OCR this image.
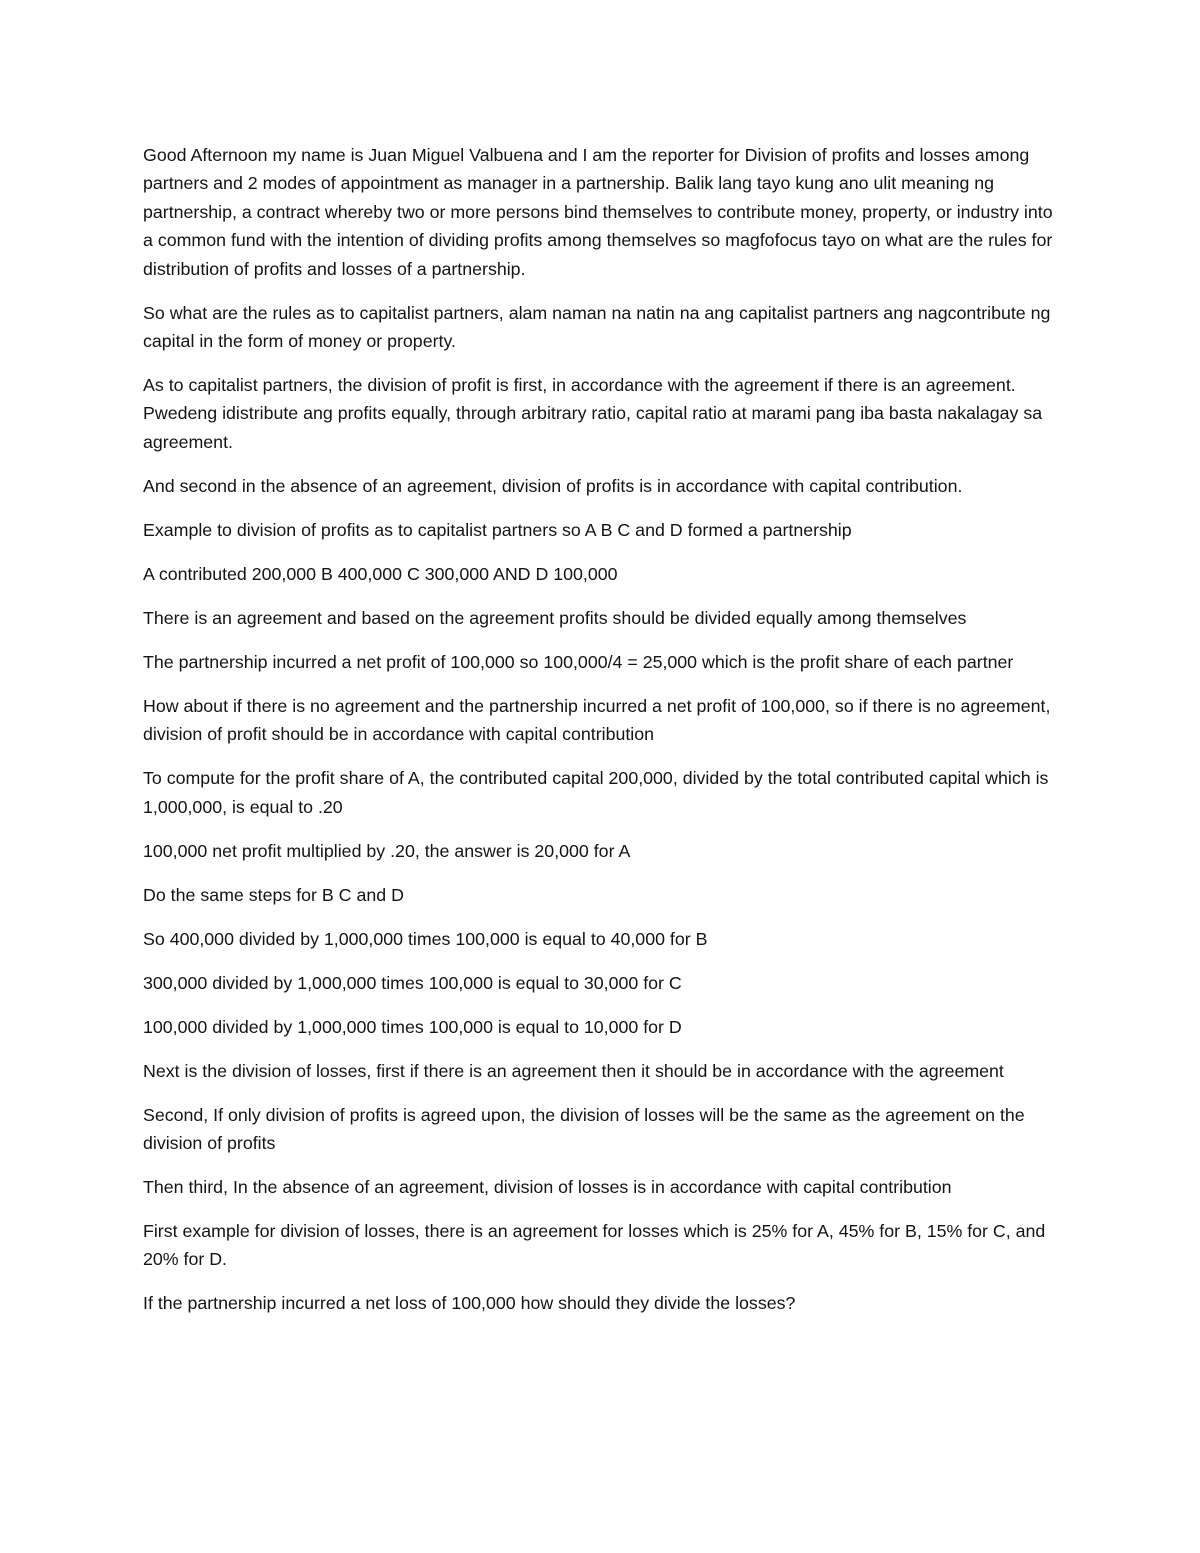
Good Afternoon my name is Juan Miguel Valbuena and I am the reporter for Division of profits and losses among partners and 2 modes of appointment as manager in a partnership. Balik lang tayo kung ano ulit meaning ng partnership, a contract whereby two or more persons bind themselves to contribute money, property, or industry into a common fund with the intention of dividing profits among themselves so magfofocus tayo on what are the rules for distribution of profits and losses of a partnership.

So what are the rules as to capitalist partners, alam naman na natin na ang capitalist partners ang nagcontribute ng capital in the form of money or property.

As to capitalist partners, the division of profit is first, in accordance with the agreement if there is an agreement. Pwedeng idistribute ang profits equally, through arbitrary ratio, capital ratio at marami pang iba basta nakalagay sa agreement.

And second in the absence of an agreement, division of profits is in accordance with capital contribution.

Example to division of profits as to capitalist partners so A B C and D formed a partnership

A contributed 200,000 B 400,000 C 300,000 AND D 100,000

There is an agreement and based on the agreement profits should be divided equally among themselves

The partnership incurred a net profit of 100,000 so 100,000/4 = 25,000 which is the profit share of each partner

How about if there is no agreement and the partnership incurred a net profit of 100,000, so if there is no agreement, division of profit should be in accordance with capital contribution

To compute for the profit share of A, the contributed capital 200,000, divided by the total contributed capital which is 1,000,000, is equal to .20

100,000 net profit multiplied by .20, the answer is 20,000 for A

Do the same steps for B C and D

So 400,000 divided by 1,000,000 times 100,000 is equal to 40,000 for B

300,000 divided by 1,000,000 times 100,000 is equal to 30,000 for C

100,000 divided by 1,000,000 times 100,000 is equal to 10,000 for D

Next is the division of losses, first if there is an agreement then it should be in accordance with the agreement

Second, If only division of profits is agreed upon, the division of losses will be the same as the agreement on the division of profits

Then third, In the absence of an agreement, division of losses is in accordance with capital contribution

First example for division of losses, there is an agreement for losses which is 25% for A, 45% for B, 15% for C, and 20% for D.

If the partnership incurred a net loss of 100,000 how should they divide the losses?
